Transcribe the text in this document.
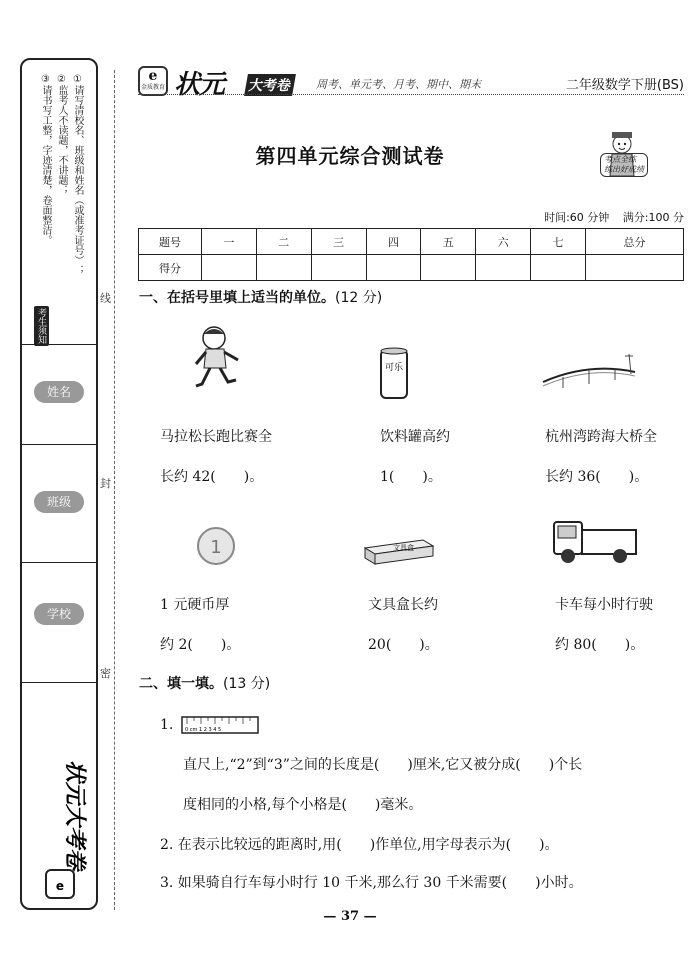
①请写清校名、班级和姓名（或准考证号）；
②监考人不读题，不讲题；
③请书写工整，字迹清楚，卷面整洁。
考生须知
姓名
班级
学校
e
状元大考卷
线
封
密
e
金质教育 状元 大考卷	周考、单元考、月考、期中、期末	二年级数学下册(BS)
第四单元综合测试卷	考点全练
练出好成绩
时间:60 分钟 满分:100 分
题号	一	二	三	四	五	六	七	总分
得分								
一、在括号里填上适当的单位。(12 分)
可乐
马拉松长跑比赛全
长约 42(　　)。
饮料罐高约
1(　　)。
杭州湾跨海大桥全
长约 36(　　)。
1	文具盒
1 元硬币厚
约 2(　　)。
文具盒长约
20(　　)。
卡车每小时行驶
约 80(　　)。
二、填一填。(13 分)
1. 0 cm 1 2 3 4 5
直尺上,“2”到“3”之间的长度是(　　)厘米,它又被分成(　　)个长
度相同的小格,每个小格是(　　)毫米。
2. 在表示比较远的距离时,用(　　)作单位,用字母表示为(　　)。
3. 如果骑自行车每小时行 10 千米,那么行 30 千米需要(　　)小时。
— 37 —
